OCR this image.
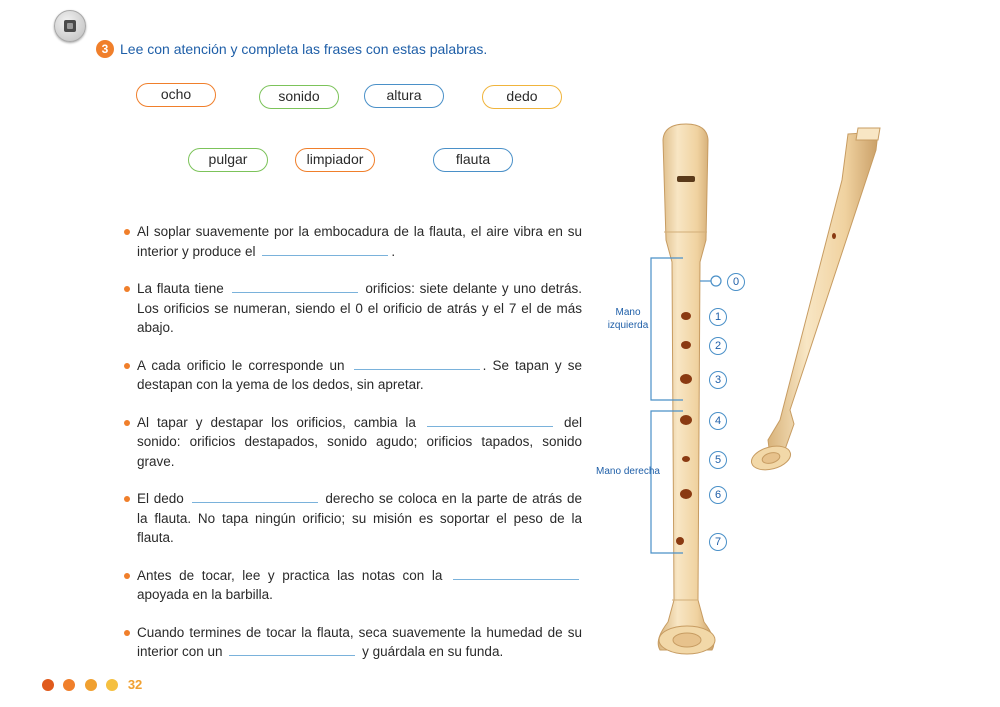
3 Lee con atención y completa las frases con estas palabras.
ocho	sonido	altura	dedo
pulgar	limpiador	flauta
Al soplar suavemente por la embocadura de la flauta, el aire vibra en su interior y produce el	.
La flauta tiene	orificios: siete delante y uno detrás. Los orificios se numeran, siendo el 0 el orificio de atrás y el 7 el de más abajo.
A cada orificio le corresponde un	. Se tapan y se destapan con la yema de los dedos, sin apretar.
Al tapar y destapar los orificios, cambia la	del sonido: orificios destapados, sonido agudo; orificios tapados, sonido grave.
El dedo	derecho se coloca en la parte de atrás de la flauta. No tapa ningún orificio; su misión es soportar el peso de la flauta.
Antes de tocar, lee y practica las notas con la  apoyada en la barbilla.
Cuando termines de tocar la flauta, seca suavemente la humedad de su interior con un	y guárdala en su funda.
Mano izquierda
Mano derecha
0
1
2
3
4
5
6
7
32
